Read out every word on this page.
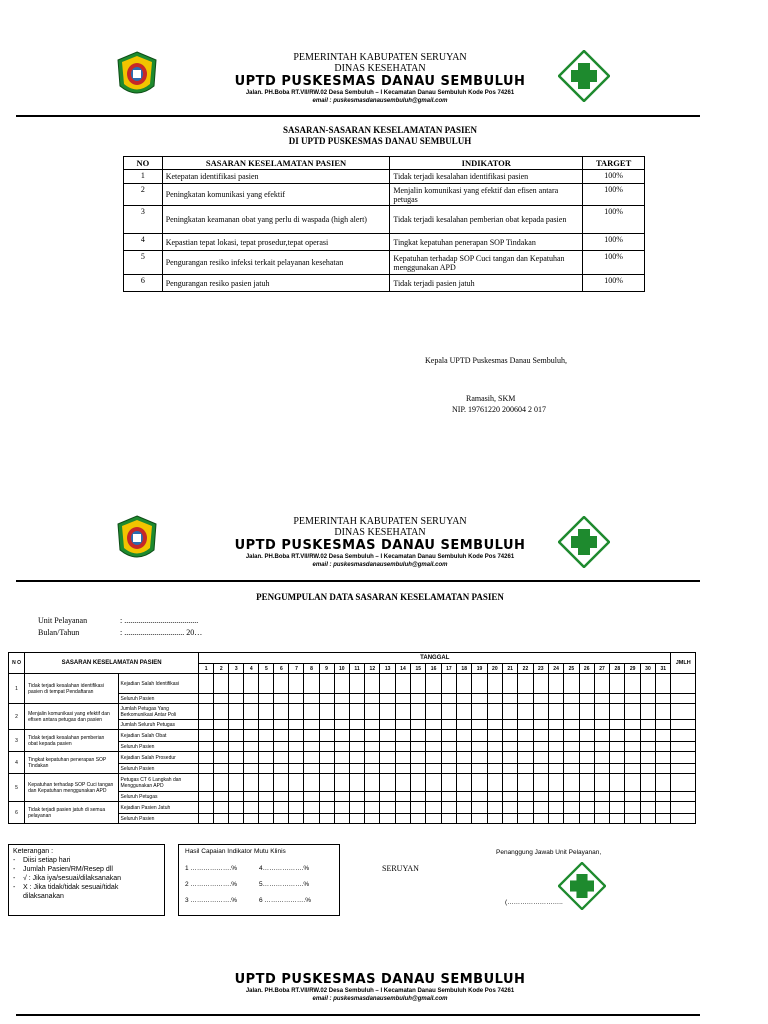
PEMERINTAH KABUPATEN SERUYAN
DINAS KESEHATAN
UPTD PUSKESMAS DANAU SEMBULUH
Jalan. PH.Boba RT.VII/RW.02 Desa Sembuluh – I Kecamatan Danau Sembuluh Kode Pos 74261
email : puskesmasdanausembuluh@gmail.com
SASARAN-SASARAN KESELAMATAN PASIEN
DI UPTD PUSKESMAS DANAU SEMBULUH
NO	SASARAN KESELAMATAN PASIEN	INDIKATOR	TARGET
1	Ketepatan identifikasi pasien	Tidak terjadi kesalahan identifikasi pasien	100%
2	Peningkatan komunikasi yang efektif	Menjalin komunikasi yang efektif dan efisen antara petugas	100%
3	Peningkatan keamanan obat yang perlu di waspada (high alert)	Tidak terjadi kesalahan pemberian obat kepada pasien	100%
4	Kepastian tepat lokasi, tepat prosedur,tepat operasi	Tingkat kepatuhan penerapan SOP Tindakan	100%
5	Pengurangan resiko infeksi terkait pelayanan kesehatan	Kepatuhan terhadap SOP Cuci tangan dan Kepatuhan menggunakan APD	100%
6	Pengurangan resiko pasien jatuh	Tidak terjadi pasien jatuh	100%
Kepala UPTD Puskesmas Danau Sembuluh,
Ramasih, SKM
NIP. 19761220 200604 2 017
PEMERINTAH KABUPATEN SERUYAN
DINAS KESEHATAN
UPTD PUSKESMAS DANAU SEMBULUH
Jalan. PH.Boba RT.VII/RW.02 Desa Sembuluh – I Kecamatan Danau Sembuluh Kode Pos 74261
email : puskesmasdanausembuluh@gmail.com
PENGUMPULAN DATA SASARAN KESELAMATAN PASIEN
Unit Pelayanan	: .....................................
Bulan/Tahun	: .............................. 20…
N O	SASARAN KESELAMATAN PASIEN		TANGGAL																															JMLH
			1	2	3	4	5	6	7	8	9	10	11	12	13	14	15	16	17	18	19	20	21	22	23	24	25	26	27	28	29	30	31	
1	Tidak terjadi kesalahan identifikasi pasien di tempat Pendaftaran	Kejadian Salah Identifikasi																																
		Seluruh Pasien																																
2	Menjalin komunikasi yang efektif dan efisen antara petugas dan pasien	Jumlah Petugas Yang Berkomunikasi Antar Poli																																
		Jumlah Seluruh Petugas																																
3	Tidak terjadi kesalahan pemberian obat kepada pasien	Kejadian Salah Obat																																
		Seluruh Pasien																																
4	Tingkat kepatuhan penerapan SOP Tindakan	Kejadian Salah Prosedur																																
		Seluruh Pasien																																
5	Kepatuhan terhadap SOP Cuci tangan dan Kepatuhan menggunakan APD	Petugas CT 6 Langkah dan Menggunakan APD																																
		Seluruh Petugas																																
6	Tidak terjadi pasien jatuh di semua pelayanan	Kejadian Pasien Jatuh																																
		Seluruh Pasien																																
Keterangan :
-	Diisi setiap hari
-	Jumlah Pasien/RM/Resep dll
-	√ : Jika iya/sesuai/dilaksanakan
-	X : Jika tidak/tidak sesuai/tidak dilaksanakan
Hasil Capaian Indikator Mutu Klinis
1 ……………….%	4……………….%
2 ……………….%	5……………….%
3 ……………….%	6 ……………….%
SERUYAN
Penanggung Jawab Unit Pelayanan,
(……………………..
UPTD PUSKESMAS DANAU SEMBULUH
Jalan. PH.Boba RT.VII/RW.02 Desa Sembuluh – I Kecamatan Danau Sembuluh Kode Pos 74261
email : puskesmasdanausembuluh@gmail.com
